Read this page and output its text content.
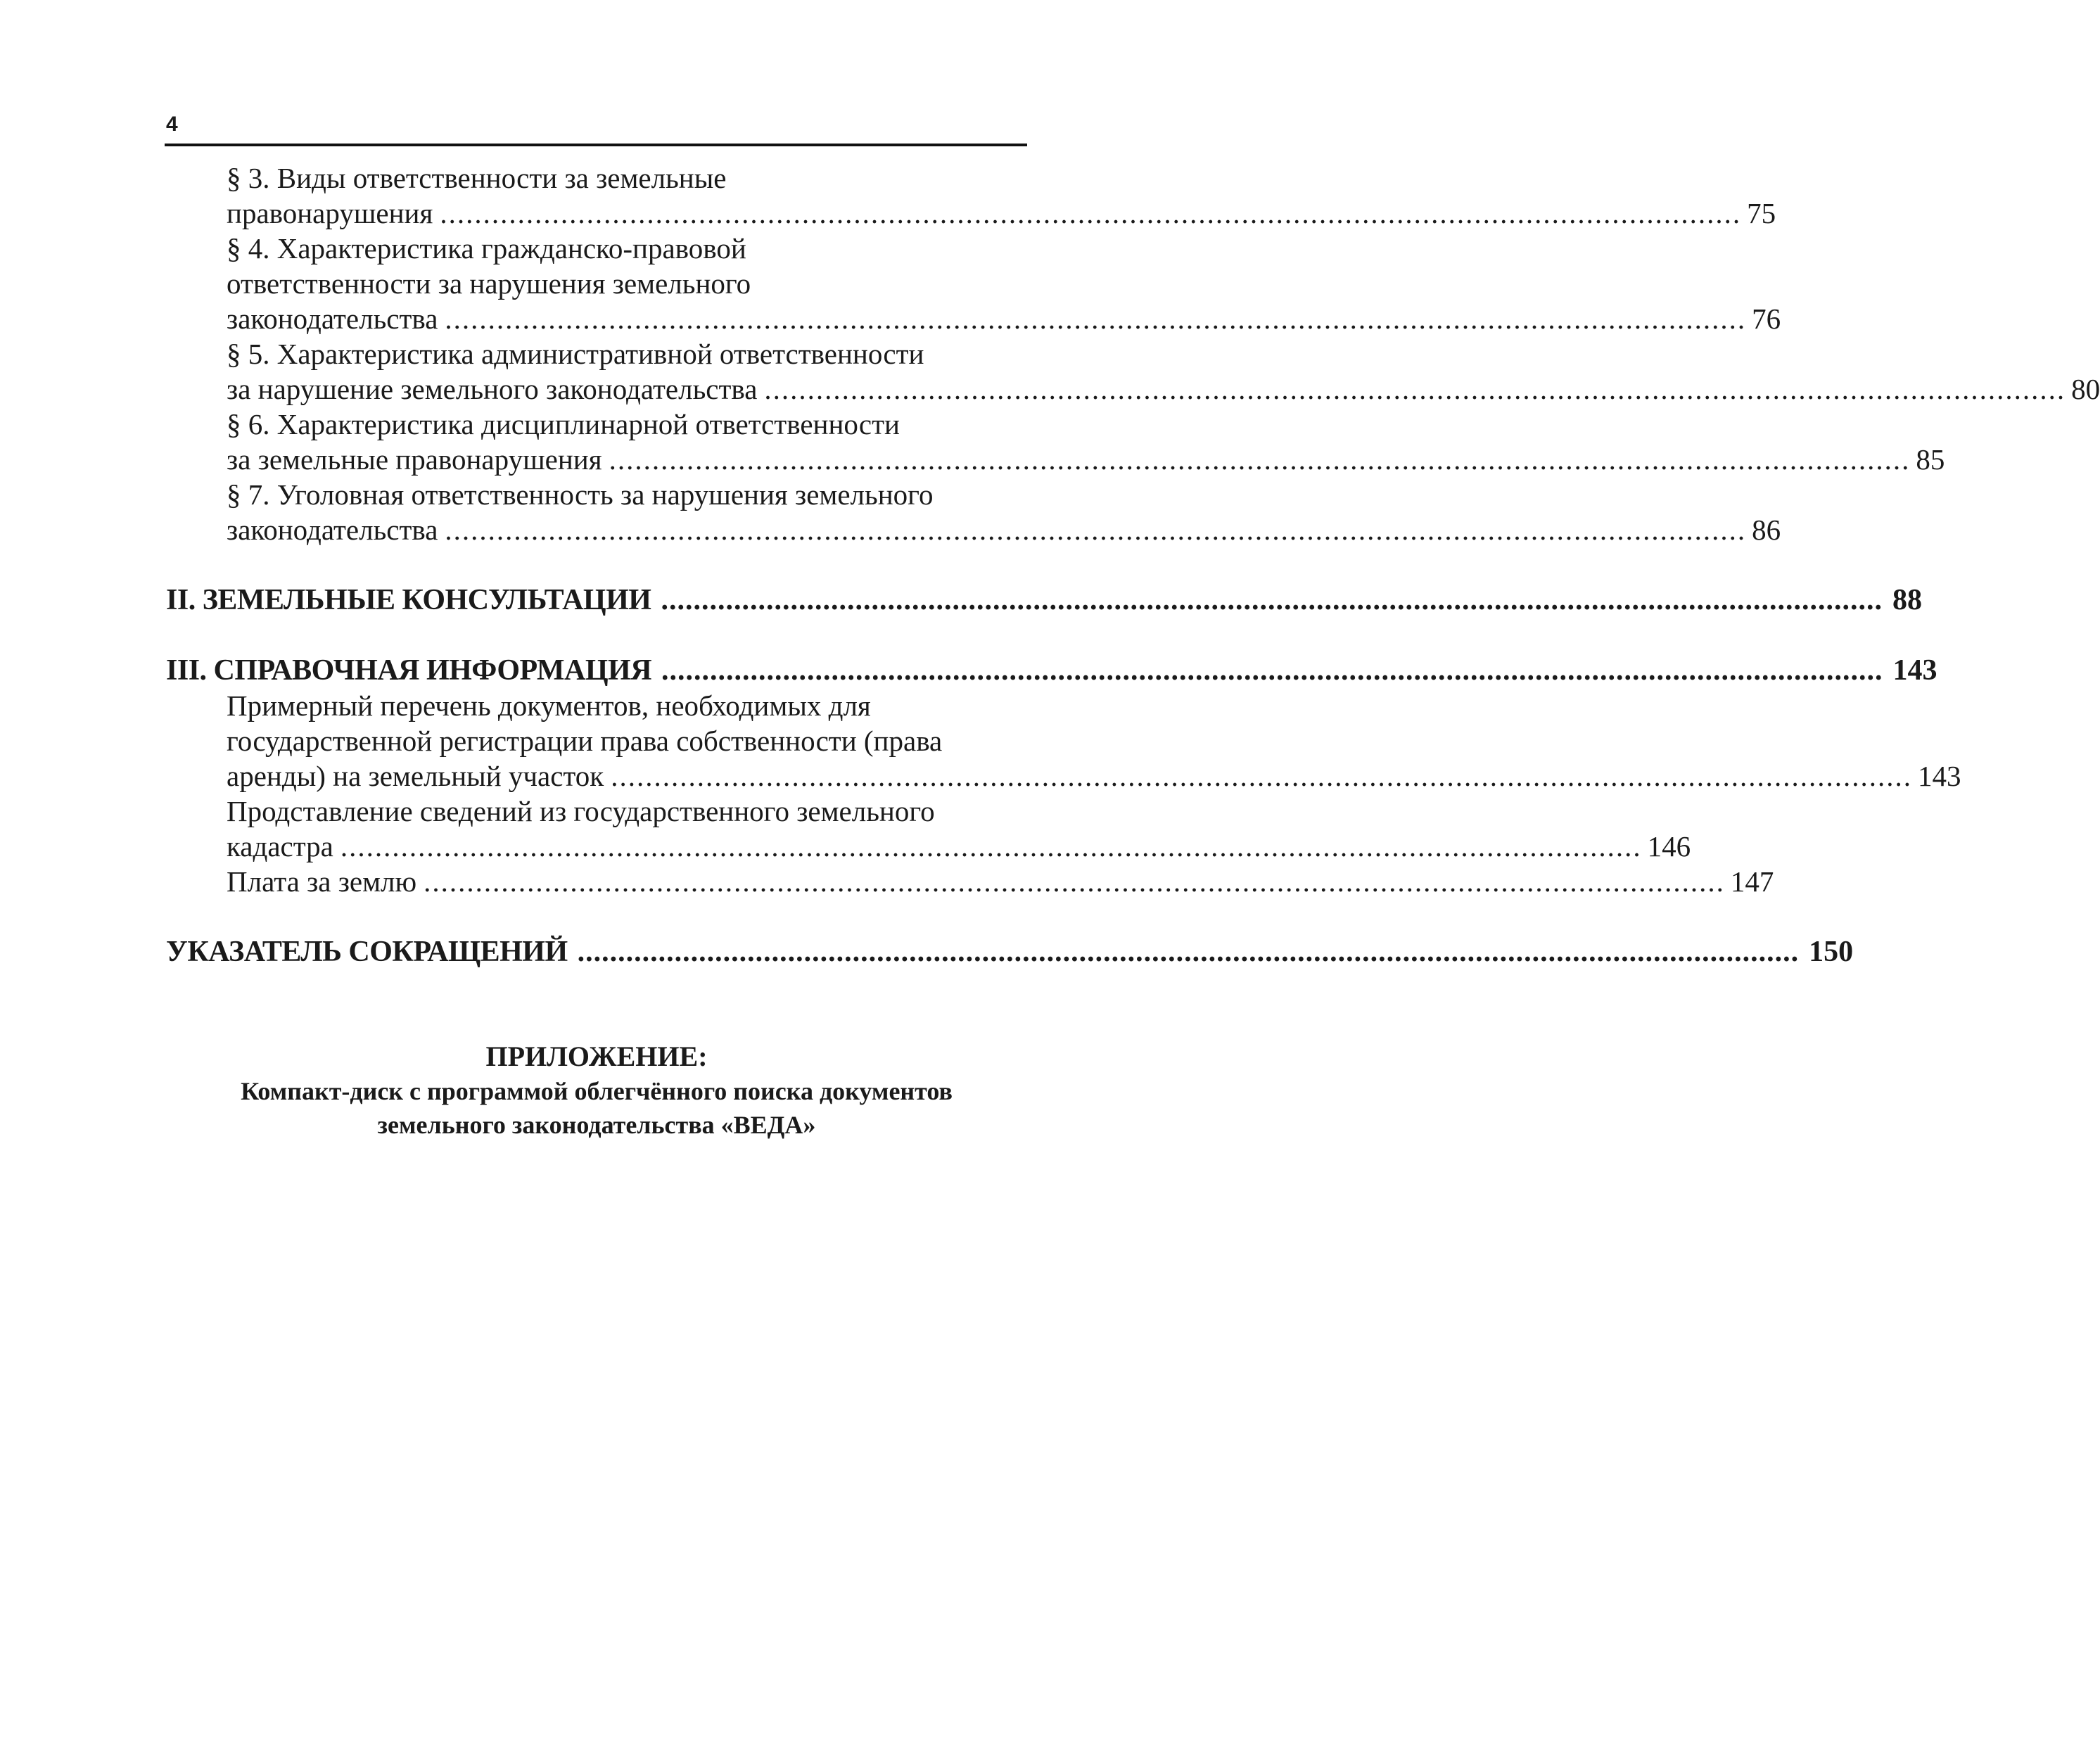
4
§ 3. Виды ответственности за земельные
правонарушения ....................................................................................................................................................... 75
§ 4. Характеристика гражданско-правовой
ответственности за нарушения земельного
законодательства ....................................................................................................................................................... 76
§ 5. Характеристика административной ответственности
за нарушение земельного законодательства ....................................................................................................................................................... 80
§ 6. Характеристика дисциплинарной ответственности
за земельные правонарушения ....................................................................................................................................................... 85
§ 7. Уголовная ответственность за нарушения земельного
законодательства ....................................................................................................................................................... 86
II. ЗЕМЕЛЬНЫЕ КОНСУЛЬТАЦИИ ....................................................................................................................................................... 88
III. СПРАВОЧНАЯ ИНФОРМАЦИЯ ....................................................................................................................................................... 143
Примерный перечень документов, необходимых для
государственной регистрации права собственности (права
аренды) на земельный участок ....................................................................................................................................................... 143
Продставление сведений из государственного земельного
кадастра ....................................................................................................................................................... 146
Плата за землю ....................................................................................................................................................... 147
УКАЗАТЕЛЬ СОКРАЩЕНИЙ ....................................................................................................................................................... 150
ПРИЛОЖЕНИЕ:
Компакт-диск с программой облегчённого поиска документов
земельного законодательства «ВЕДА»
